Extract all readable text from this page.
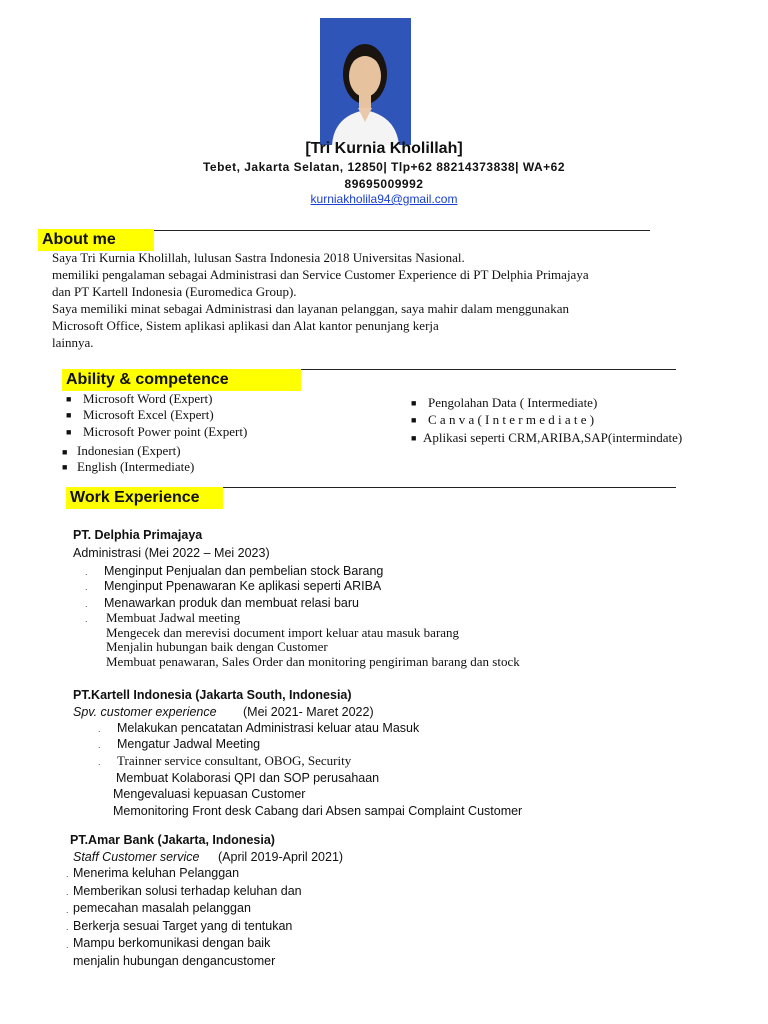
[Tri Kurnia Kholillah]
Tebet, Jakarta Selatan, 12850| Tlp+62 88214373838| WA+62
89695009992
kurniakholila94@gmail.com
About me
Saya Tri Kurnia Kholillah, lulusan Sastra Indonesia 2018 Universitas Nasional.
memiliki pengalaman sebagai Administrasi dan Service Customer Experience di PT Delphia Primajaya
dan PT Kartell Indonesia (Euromedica Group).
Saya memiliki minat sebagai Administrasi dan layanan pelanggan, saya mahir dalam menggunakan
Microsoft Office, Sistem aplikasi aplikasi dan Alat kantor penunjang kerja
lainnya.
Ability & competence
■ Microsoft Word (Expert)
■ Microsoft Excel (Expert)
■ Microsoft Power point (Expert)
■ Indonesian (Expert)
■ English (Intermediate)
■ Pengolahan Data ( Intermediate)
■ C a n v a ( I n t e r m e d i a t e )
■ Aplikasi seperti CRM,ARIBA,SAP(intermindate)
Work Experience
PT. Delphia Primajaya
Administrasi (Mei 2022 – Mei 2023)
. Menginput Penjualan dan pembelian stock Barang
. Menginput Ppenawaran Ke aplikasi seperti ARIBA
. Menawarkan produk dan membuat relasi baru
. Membuat Jadwal meeting
Mengecek dan merevisi document import keluar atau masuk barang
Menjalin hubungan baik dengan Customer
Membuat penawaran, Sales Order dan monitoring pengiriman barang dan stock
PT.Kartell Indonesia (Jakarta South, Indonesia)
Spv. customer experience (Mei 2021- Maret 2022)
. Melakukan pencatatan Administrasi keluar atau Masuk
. Mengatur Jadwal Meeting
. Trainner service consultant, OBOG, Security
Membuat Kolaborasi QPI dan SOP perusahaan
Mengevaluasi kepuasan Customer
Memonitoring Front desk Cabang dari Absen sampai Complaint Customer
PT.Amar Bank (Jakarta, Indonesia)
Staff Customer service (April 2019-April 2021)
. Menerima keluhan Pelanggan
. Memberikan solusi terhadap keluhan dan
. pemecahan masalah pelanggan
. Berkerja sesuai Target yang di tentukan
. Mampu berkomunikasi dengan baik
menjalin hubungan dengancustomer
